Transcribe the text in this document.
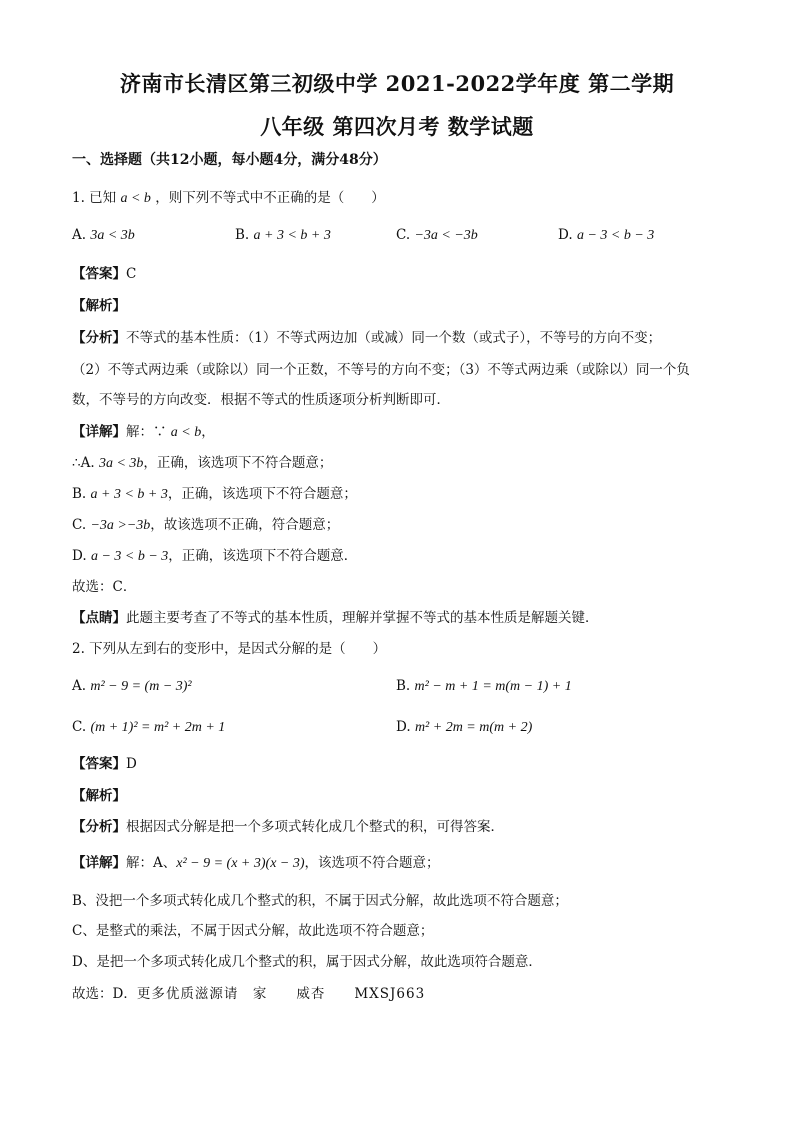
济南市长清区第三初级中学 2021-2022学年度 第二学期
八年级 第四次月考 数学试题
一、选择题（共12小题，每小题4分，满分48分）
1. 已知 a < b ，则下列不等式中不正确的是（　　）
A. 3a < 3b	B. a + 3 < b + 3	C. −3a < −3b	D. a − 3 < b − 3
【答案】C
【解析】
【分析】不等式的基本性质：（1）不等式两边加（或减）同一个数（或式子），不等号的方向不变；
（2）不等式两边乘（或除以）同一个正数，不等号的方向不变；（3）不等式两边乘（或除以）同一个负
数，不等号的方向改变．根据不等式的性质逐项分析判断即可．
【详解】解：∵ a < b，
∴A. 3a < 3b，正确，该选项下不符合题意；
B. a + 3 < b + 3，正确，该选项下不符合题意；
C. −3a >−3b，故该选项不正确，符合题意；
D. a − 3 < b − 3，正确，该选项下不符合题意．
故选：C．
【点睛】此题主要考查了不等式的基本性质，理解并掌握不等式的基本性质是解题关键．
2. 下列从左到右的变形中，是因式分解的是（　　）
A. m² − 9 = (m − 3)²	B. m² − m + 1 = m(m − 1) + 1
C. (m + 1)² = m² + 2m + 1	D. m² + 2m = m(m + 2)
【答案】D
【解析】
【分析】根据因式分解是把一个多项式转化成几个整式的积，可得答案．
【详解】解：A、x² − 9 = (x + 3)(x − 3)，该选项不符合题意；
B、没把一个多项式转化成几个整式的积，不属于因式分解，故此选项不符合题意；
C、是整式的乘法，不属于因式分解，故此选项不符合题意；
D、是把一个多项式转化成几个整式的积，属于因式分解，故此选项符合题意．
故选：D．更多优质滋源请　家　　威杏　　MXSJ663
